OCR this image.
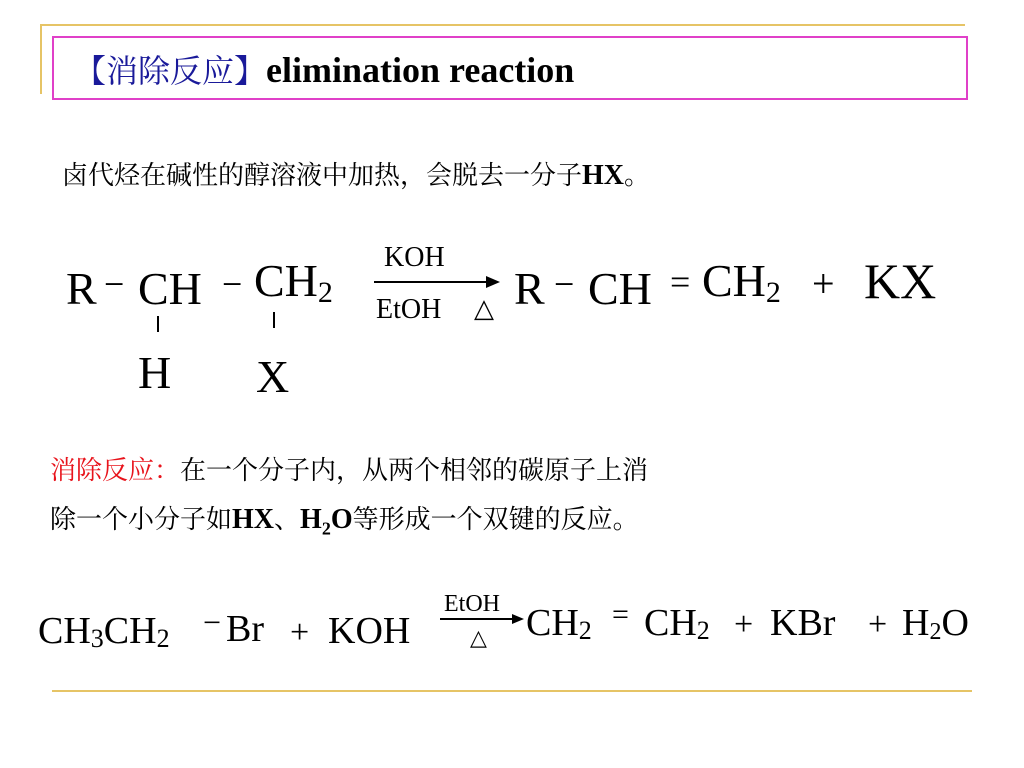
【消除反应】elimination reaction
卤代烃在碱性的醇溶液中加热，会脱去一分子HX。
R − CH − $CH_2$
H X
KOH
EtOH △ R − CH = $CH_2$ + KX
消除反应：在一个分子内，从两个相邻的碳原子上消
除一个小分子如HX、$H_2O$等形成一个双键的反应。
$CH_3CH_2 - Br$ + KOH
EtOH
△ $CH_2 = CH_2$ + KBr + $H_2O$
